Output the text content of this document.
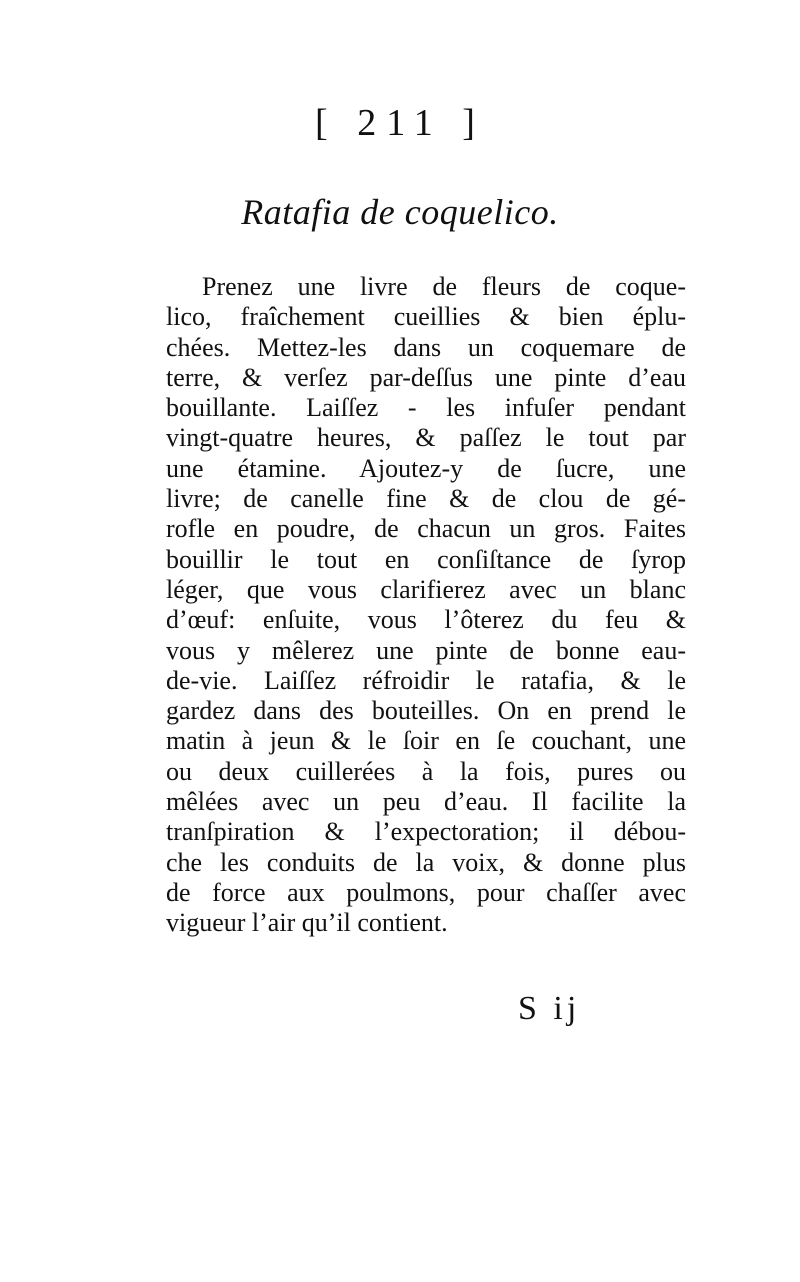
[ 211 ]
Ratafia de coquelico.
Prenez une livre de fleurs de coque-
lico, fraîchement cueillies & bien éplu-
chées. Mettez-les dans un coquemare de
terre, & verſez par-deſſus une pinte d’eau
bouillante. Laiſſez - les infuſer pendant
vingt-quatre heures, & paſſez le tout par
une étamine. Ajoutez-y de ſucre, une
livre; de canelle fine & de clou de gé-
rofle en poudre, de chacun un gros. Faites
bouillir le tout en conſiſtance de ſyrop
léger, que vous clarifierez avec un blanc
d’œuf: enſuite, vous l’ôterez du feu &
vous y mêlerez une pinte de bonne eau-
de-vie. Laiſſez réfroidir le ratafia, & le
gardez dans des bouteilles. On en prend le
matin à jeun & le ſoir en ſe couchant, une
ou deux cuillerées à la fois, pures ou
mêlées avec un peu d’eau. Il facilite la
tranſpiration & l’expectoration; il débou-
che les conduits de la voix, & donne plus
de force aux poulmons, pour chaſſer avec
vigueur l’air qu’il contient.
S ij
